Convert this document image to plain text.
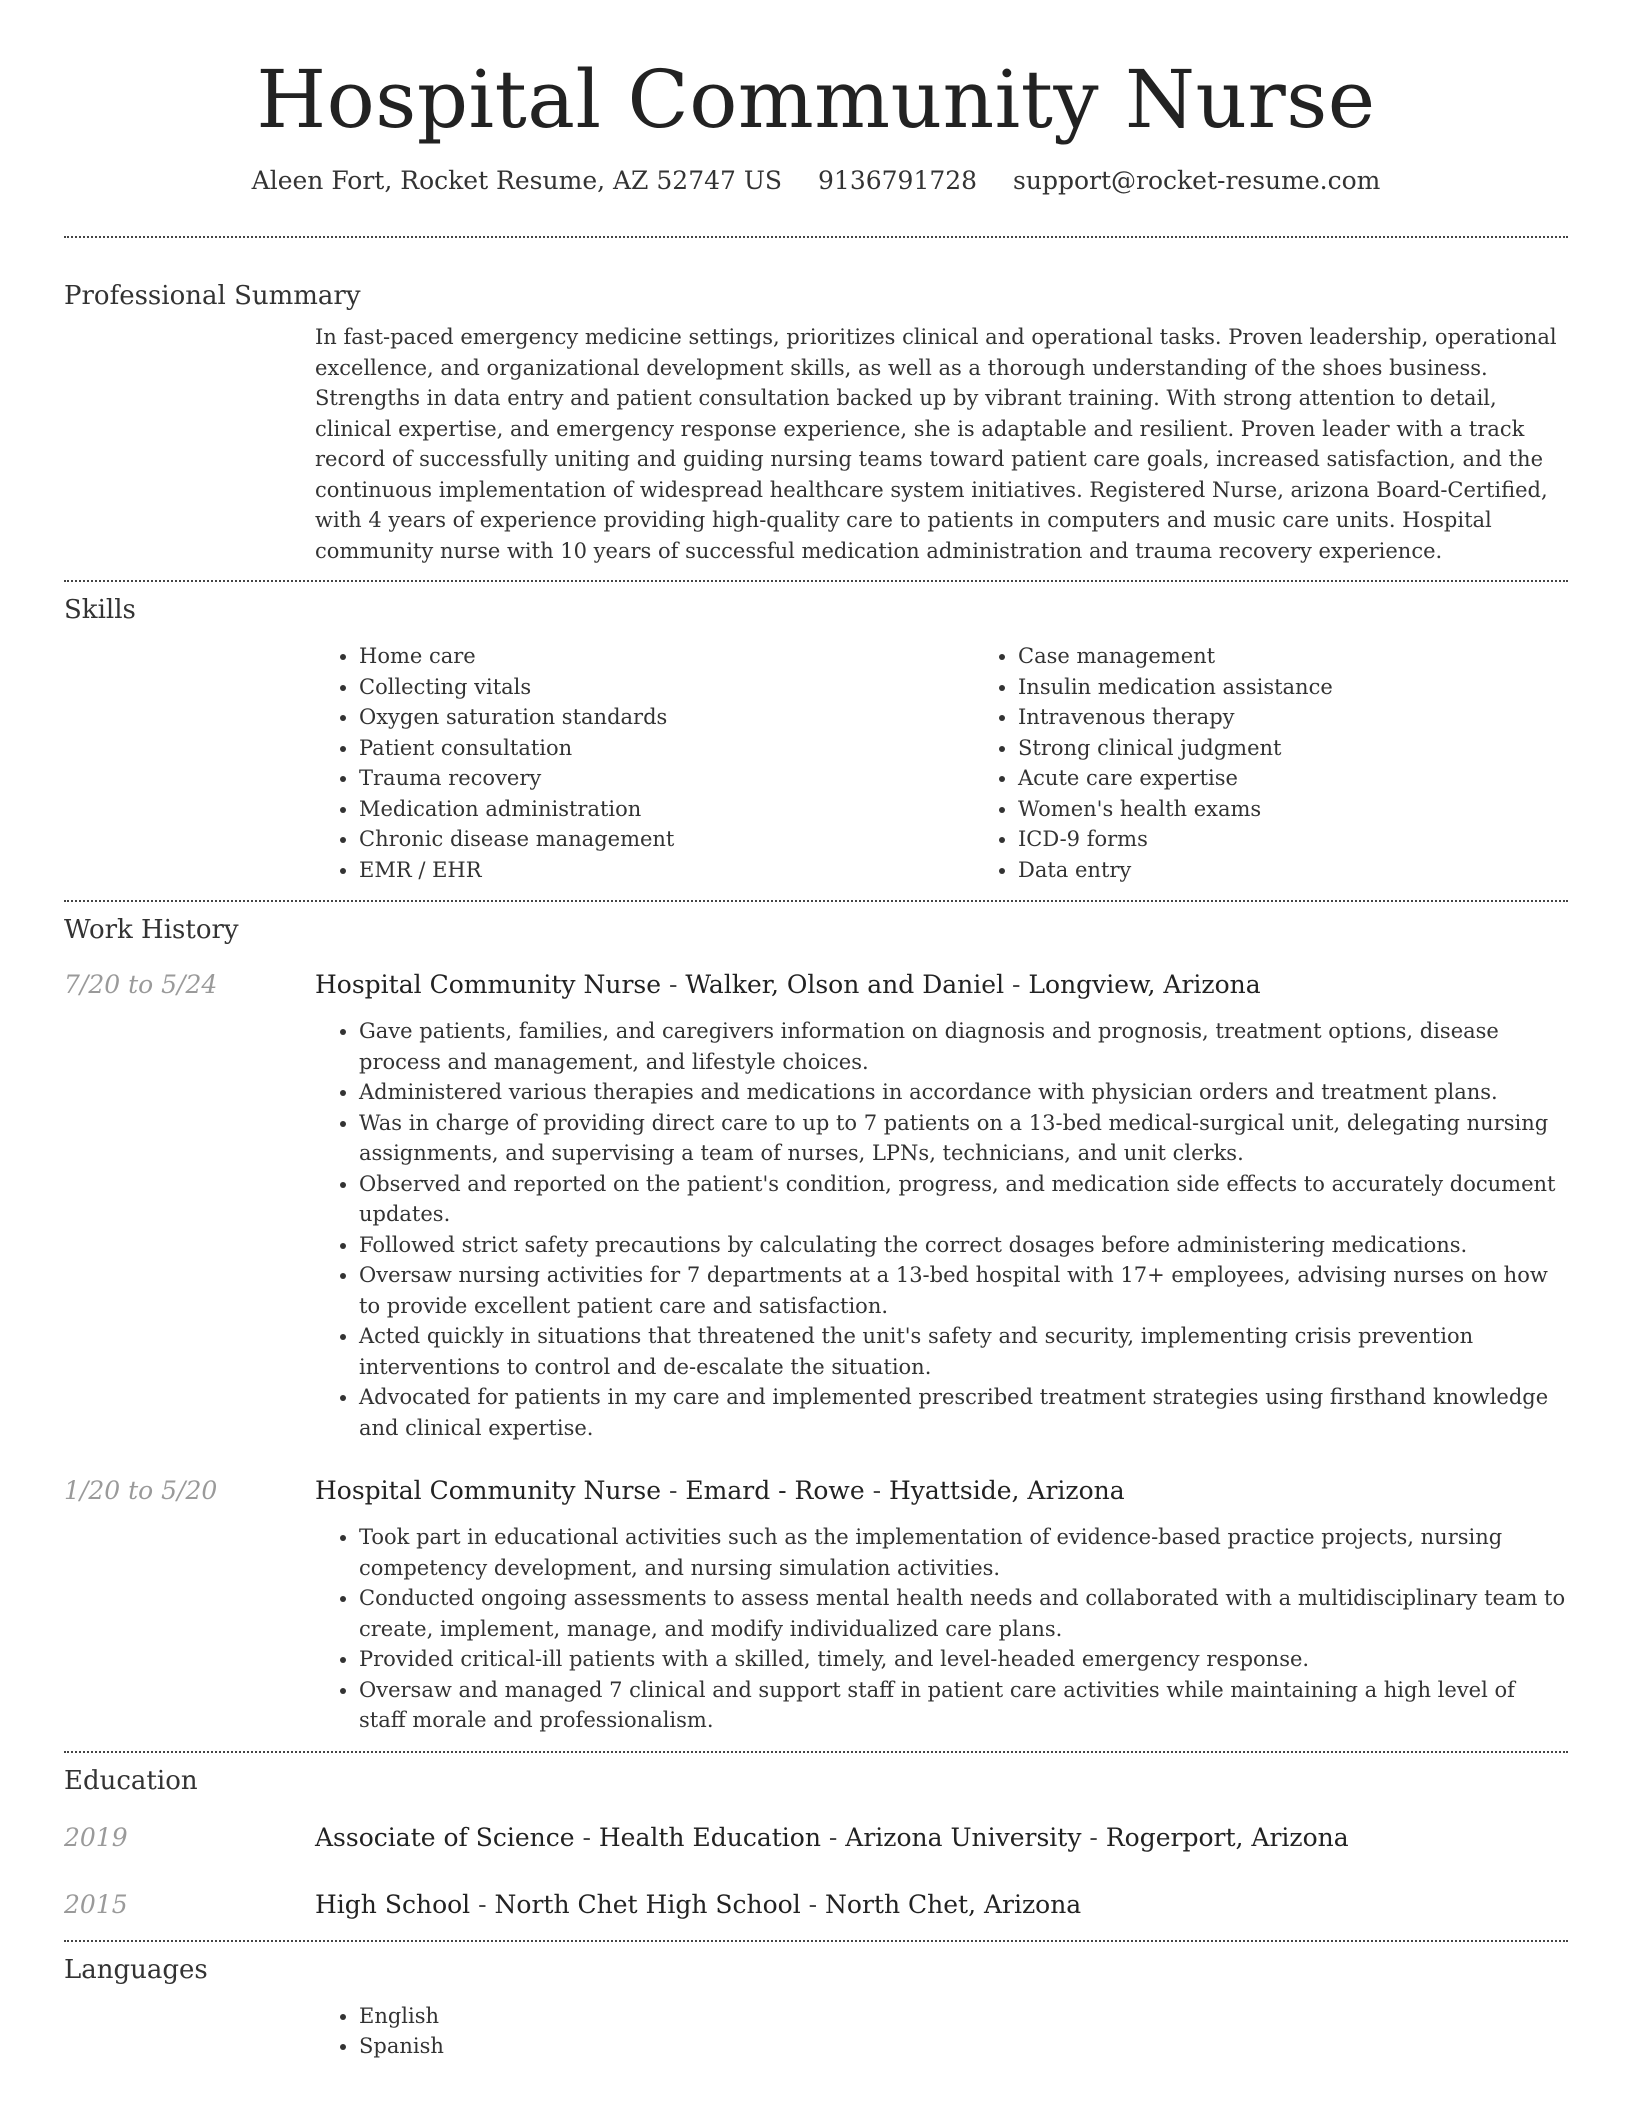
Hospital Community Nurse
Aleen Fort, Rocket Resume, AZ 52747 US 9136791728 support@rocket-resume.com
Professional Summary

In fast-paced emergency medicine settings, prioritizes clinical and operational tasks. Proven leadership, operational excellence, and organizational development skills, as well as a thorough understanding of the shoes business. Strengths in data entry and patient consultation backed up by vibrant training. With strong attention to detail, clinical expertise, and emergency response experience, she is adaptable and resilient. Proven leader with a track record of successfully uniting and guiding nursing teams toward patient care goals, increased satisfaction, and the continuous implementation of widespread healthcare system initiatives. Registered Nurse, arizona Board-Certified, with 4 years of experience providing high-quality care to patients in computers and music care units. Hospital community nurse with 10 years of successful medication administration and trauma recovery experience.

Skills
• Home care
• Collecting vitals
• Oxygen saturation standards
• Patient consultation
• Trauma recovery
• Medication administration
• Chronic disease management
• EMR / EHR
• Case management
• Insulin medication assistance
• Intravenous therapy
• Strong clinical judgment
• Acute care expertise
• Women's health exams
• ICD-9 forms
• Data entry
Work History
7/20 to 5/24	Hospital Community Nurse - Walker, Olson and Daniel - Longview, Arizona
• Gave patients, families, and caregivers information on diagnosis and prognosis, treatment options, disease process and management, and lifestyle choices.
• Administered various therapies and medications in accordance with physician orders and treatment plans.
• Was in charge of providing direct care to up to 7 patients on a 13-bed medical-surgical unit, delegating nursing assignments, and supervising a team of nurses, LPNs, technicians, and unit clerks.
• Observed and reported on the patient's condition, progress, and medication side effects to accurately document updates.
• Followed strict safety precautions by calculating the correct dosages before administering medications.
• Oversaw nursing activities for 7 departments at a 13-bed hospital with 17+ employees, advising nurses on how to provide excellent patient care and satisfaction.
• Acted quickly in situations that threatened the unit's safety and security, implementing crisis prevention interventions to control and de-escalate the situation.
• Advocated for patients in my care and implemented prescribed treatment strategies using firsthand knowledge and clinical expertise.
1/20 to 5/20	Hospital Community Nurse - Emard - Rowe - Hyattside, Arizona
• Took part in educational activities such as the implementation of evidence-based practice projects, nursing competency development, and nursing simulation activities.
• Conducted ongoing assessments to assess mental health needs and collaborated with a multidisciplinary team to create, implement, manage, and modify individualized care plans.
• Provided critical-ill patients with a skilled, timely, and level-headed emergency response.
• Oversaw and managed 7 clinical and support staff in patient care activities while maintaining a high level of staff morale and professionalism.
Education
2019	Associate of Science - Health Education - Arizona University - Rogerport, Arizona
2015	High School - North Chet High School - North Chet, Arizona
Languages
• English
• Spanish
